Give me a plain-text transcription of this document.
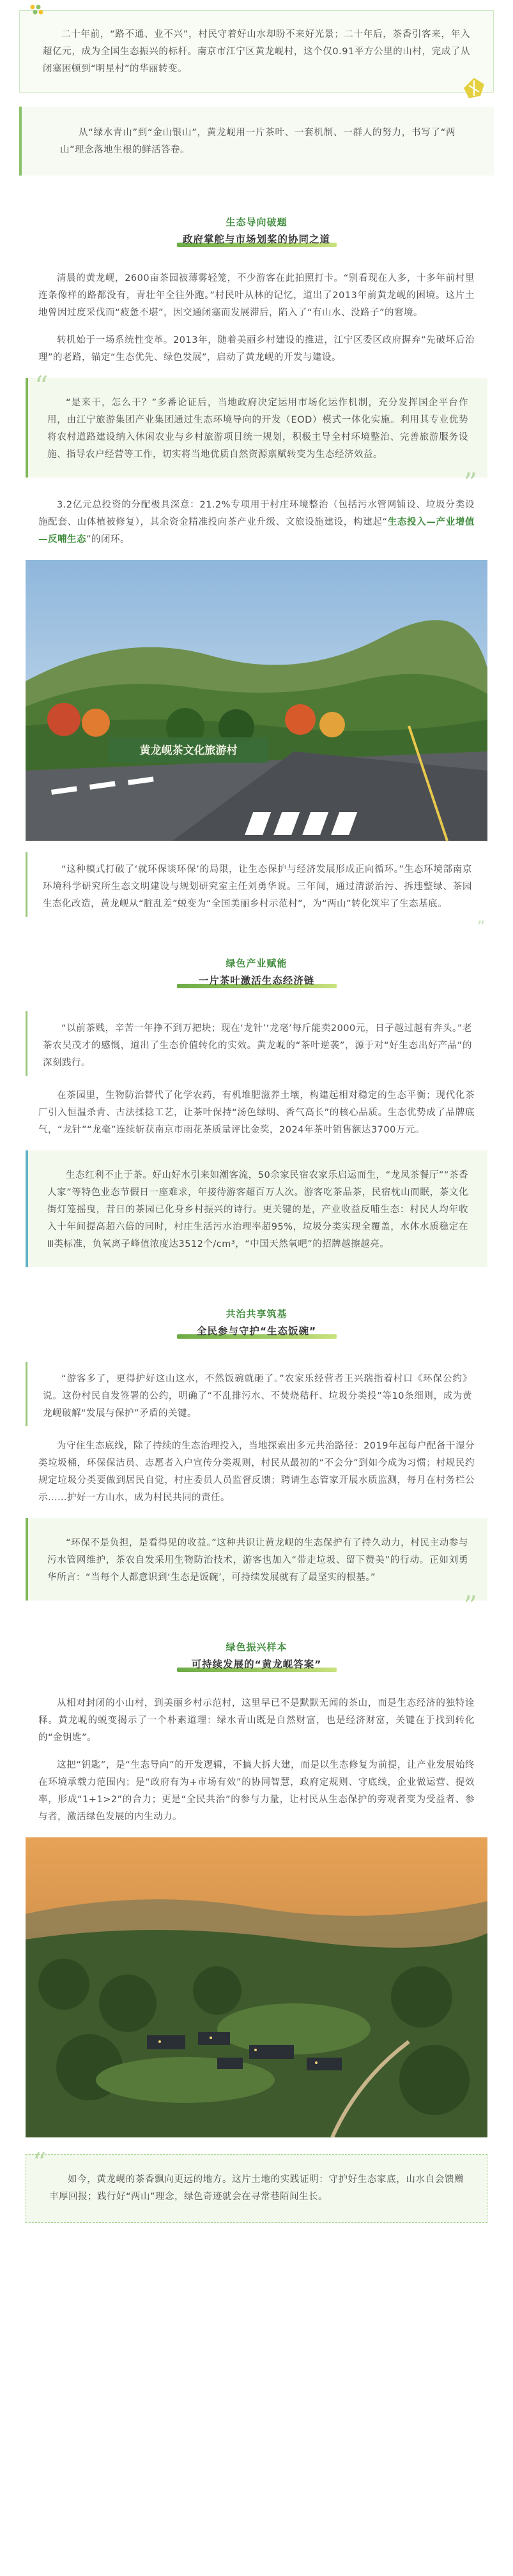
二十年前，“路不通、业不兴”，村民守着好山水却盼不来好光景；二十年后，茶香引客来，年入超亿元，成为全国生态振兴的标杆。南京市江宁区黄龙岘村，这个仅0.91平方公里的山村，完成了从闭塞困顿到“明星村”的华丽转变。

从“绿水青山”到“金山银山”，黄龙岘用一片茶叶、一套机制、一群人的努力，书写了“两山”理念落地生根的鲜活答卷。

生态导向破题
政府掌舵与市场划桨的协同之道

清晨的黄龙岘，2600亩茶园被薄雾轻笼，不少游客在此拍照打卡。“别看现在人多，十多年前村里连条像样的路都没有，青壮年全往外跑。”村民叶从林的记忆，道出了2013年前黄龙岘的困境。这片土地曾因过度采伐而“疲惫不堪”，因交通闭塞而发展滞后，陷入了“有山水、没路子”的窘境。

转机始于一场系统性变革。2013年，随着美丽乡村建设的推进，江宁区委区政府摒弃“先破坏后治理”的老路，锚定“生态优先、绿色发展”，启动了黄龙岘的开发与建设。

“

“是来干，怎么干？”多番论证后，当地政府决定运用市场化运作机制，充分发挥国企平台作用，由江宁旅游集团产业集团通过生态环境导向的开发（EOD）模式一体化实施。利用其专业优势将农村道路建设纳入休闲农业与乡村旅游项目统一规划，积极主导全村环境整治、完善旅游服务设施、指导农户经营等工作，切实将当地优质自然资源禀赋转变为生态经济效益。

”

3.2亿元总投资的分配极具深意：21.2%专项用于村庄环境整治（包括污水管网铺设、垃圾分类设施配套、山体植被修复），其余资金精准投向茶产业升级、文旅设施建设，构建起“生态投入—产业增值—反哺生态”的闭环。

黄龙岘茶文化旅游村

“这种模式打破了‘就环保谈环保’的局限，让生态保护与经济发展形成正向循环。”生态环境部南京环境科学研究所生态文明建设与规划研究室主任刘勇华说。三年间，通过清淤治污、拆违整绿、茶园生态化改造，黄龙岘从“脏乱差”蜕变为“全国美丽乡村示范村”，为“两山”转化筑牢了生态基底。

”
绿色产业赋能
一片茶叶激活生态经济链

“以前茶贱，辛苦一年挣不到万把块；现在‘龙针’‘龙毫’每斤能卖2000元，日子越过越有奔头。”老茶农吴茂才的感慨，道出了生态价值转化的实效。黄龙岘的“茶叶逆袭”，源于对“好生态出好产品”的深刻践行。

在茶园里，生物防治替代了化学农药，有机堆肥滋养土壤，构建起相对稳定的生态平衡；现代化茶厂引入恒温杀青、古法揉捻工艺，让茶叶保持“汤色绿明、香气高长”的核心品质。生态优势成了品牌底气，“龙针”“龙毫”连续斩获南京市雨花茶质量评比金奖，2024年茶叶销售额达3700万元。

生态红利不止于茶。好山好水引来如潮客流，50余家民宿农家乐启运而生，“龙凤茶餐厅”“茶香人家”等特色业态节假日一座难求，年接待游客超百万人次。游客吃茶品茶，民宿枕山而眠，茶文化街灯笼摇曳，昔日的茶园已化身乡村振兴的诗行。更关键的是，产业收益反哺生态：村民人均年收入十年间提高超六倍的同时，村庄生活污水治理率超95%，垃圾分类实现全覆盖，水体水质稳定在Ⅲ类标准，负氧离子峰值浓度达3512个/cm³，“中国天然氧吧”的招牌越擦越亮。

共治共享筑基
全民参与守护“生态饭碗”

“游客多了，更得护好这山这水，不然饭碗就砸了。”农家乐经营者王兴瑞指着村口《环保公约》说。这份村民自发签署的公约，明确了“不乱排污水、不焚烧秸秆、垃圾分类投”等10条细则，成为黄龙岘破解“发展与保护”矛盾的关键。

为守住生态底线，除了持续的生态治理投入，当地探索出多元共治路径：2019年起每户配备干湿分类垃圾桶，环保保洁员、志愿者入户宣传分类规则，村民从最初的“不会分”到如今成为习惯；村规民约规定垃圾分类要做到居民自觉，村庄委员人员监督反馈；聘请生态管家开展水质监测，每月在村务栏公示……护好一方山水，成为村民共同的责任。

“环保不是负担，是看得见的收益。”这种共识让黄龙岘的生态保护有了持久动力，村民主动参与污水管网维护，茶农自发采用生物防治技术，游客也加入“带走垃圾、留下赞美”的行动。正如刘勇华所言：“当每个人都意识到‘生态是饭碗’，可持续发展就有了最坚实的根基。”

”
绿色振兴样本
可持续发展的“黄龙岘答案”

从相对封闭的小山村，到美丽乡村示范村，这里早已不是默默无闻的茶山，而是生态经济的独特诠释。黄龙岘的蜕变揭示了一个朴素道理：绿水青山既是自然财富，也是经济财富，关键在于找到转化的“金钥匙”。

这把“钥匙”，是“生态导向”的开发逻辑，不搞大拆大建，而是以生态修复为前提，让产业发展始终在环境承载力范围内；是“政府有为+市场有效”的协同智慧，政府定规则、守底线，企业做运营、提效率，形成“1+1>2”的合力；更是“全民共治”的参与力量，让村民从生态保护的旁观者变为受益者、参与者，激活绿色发展的内生动力。

“

如今，黄龙岘的茶香飘向更远的地方。这片土地的实践证明：守护好生态家底，山水自会馈赠丰厚回报；践行好“两山”理念，绿色奇迹就会在寻常巷陌间生长。
